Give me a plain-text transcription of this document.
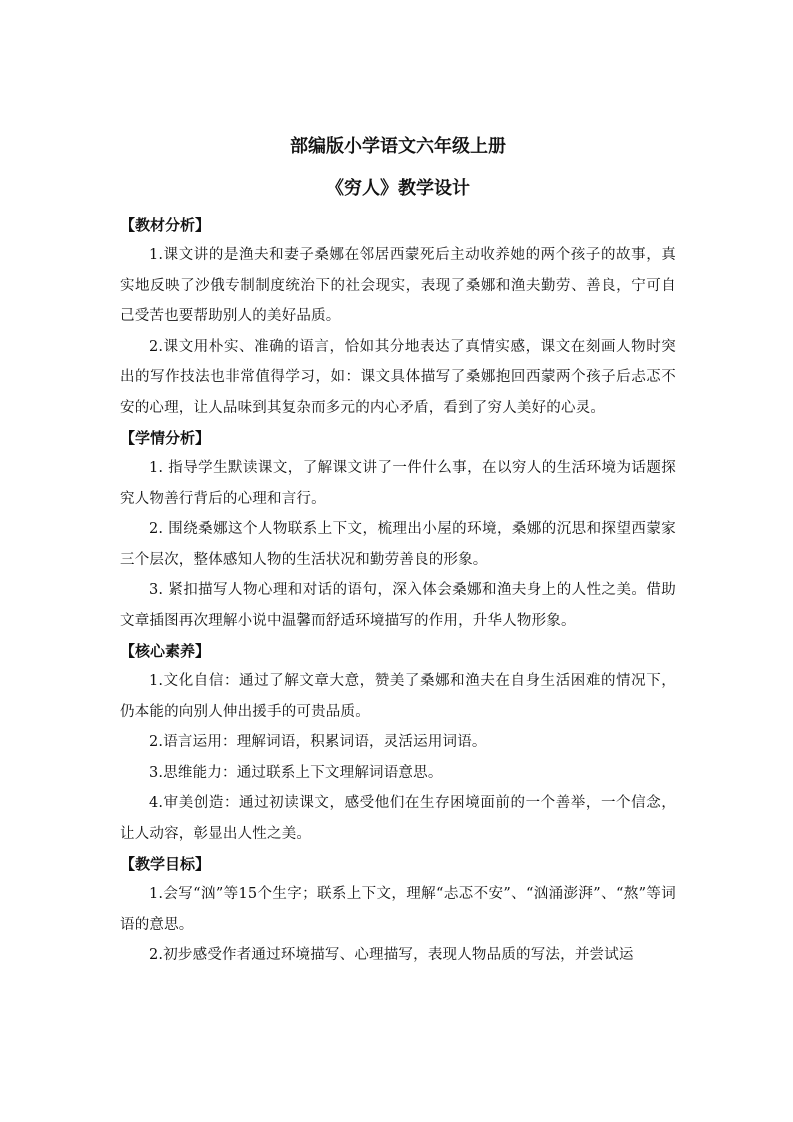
部编版小学语文六年级上册

《穷人》教学设计

【教材分析】

1.课文讲的是渔夫和妻子桑娜在邻居西蒙死后主动收养她的两个孩子的故事，真实地反映了沙俄专制制度统治下的社会现实，表现了桑娜和渔夫勤劳、善良，宁可自己受苦也要帮助别人的美好品质。

2.课文用朴实、准确的语言，恰如其分地表达了真情实感，课文在刻画人物时突出的写作技法也非常值得学习，如：课文具体描写了桑娜抱回西蒙两个孩子后忐忑不安的心理，让人品味到其复杂而多元的内心矛盾，看到了穷人美好的心灵。

【学情分析】

1. 指导学生默读课文，了解课文讲了一件什么事，在以穷人的生活环境为话题探究人物善行背后的心理和言行。

2. 围绕桑娜这个人物联系上下文，梳理出小屋的环境，桑娜的沉思和探望西蒙家三个层次，整体感知人物的生活状况和勤劳善良的形象。

3. 紧扣描写人物心理和对话的语句，深入体会桑娜和渔夫身上的人性之美。借助文章插图再次理解小说中温馨而舒适环境描写的作用，升华人物形象。

【核心素养】

1.文化自信：通过了解文章大意，赞美了桑娜和渔夫在自身生活困难的情况下，仍本能的向别人伸出援手的可贵品质。

2.语言运用：理解词语，积累词语，灵活运用词语。

3.思维能力：通过联系上下文理解词语意思。

4.审美创造：通过初读课文，感受他们在生存困境面前的一个善举，一个信念，让人动容，彰显出人性之美。

【教学目标】

1.会写“汹”等15个生字；联系上下文，理解“忐忑不安”、“汹涌澎湃”、“熬”等词语的意思。

2.初步感受作者通过环境描写、心理描写，表现人物品质的写法，并尝试运
